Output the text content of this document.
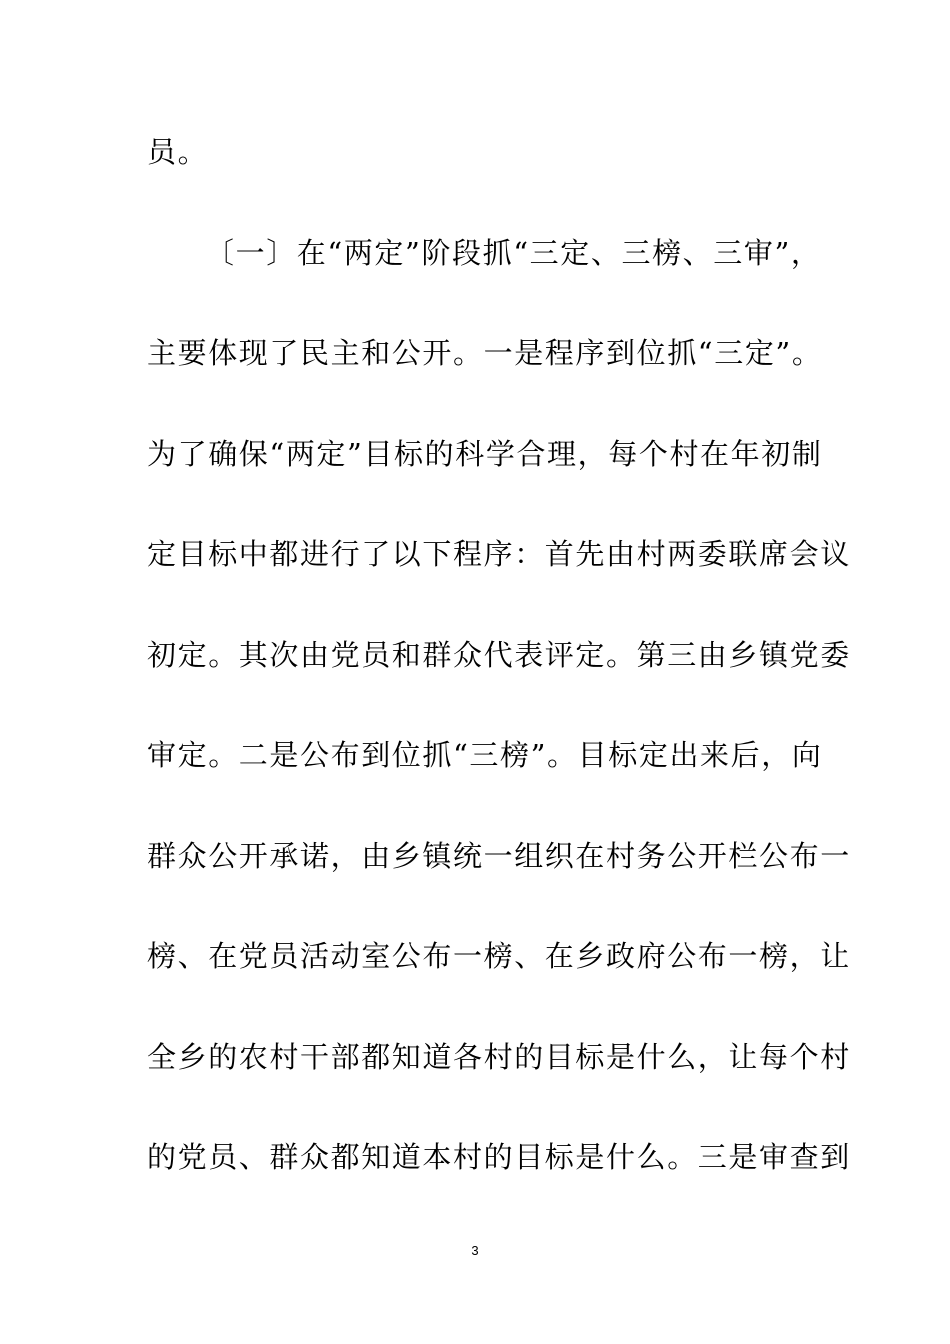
员。
〔一〕在“两定”阶段抓“三定、三榜、三审”，
主要体现了民主和公开。一是程序到位抓“三定”。
为了确保“两定”目标的科学合理，每个村在年初制
定目标中都进行了以下程序：首先由村两委联席会议
初定。其次由党员和群众代表评定。第三由乡镇党委
审定。二是公布到位抓“三榜”。目标定出来后，向
群众公开承诺，由乡镇统一组织在村务公开栏公布一
榜、在党员活动室公布一榜、在乡政府公布一榜，让
全乡的农村干部都知道各村的目标是什么，让每个村
的党员、群众都知道本村的目标是什么。三是审查到
3
